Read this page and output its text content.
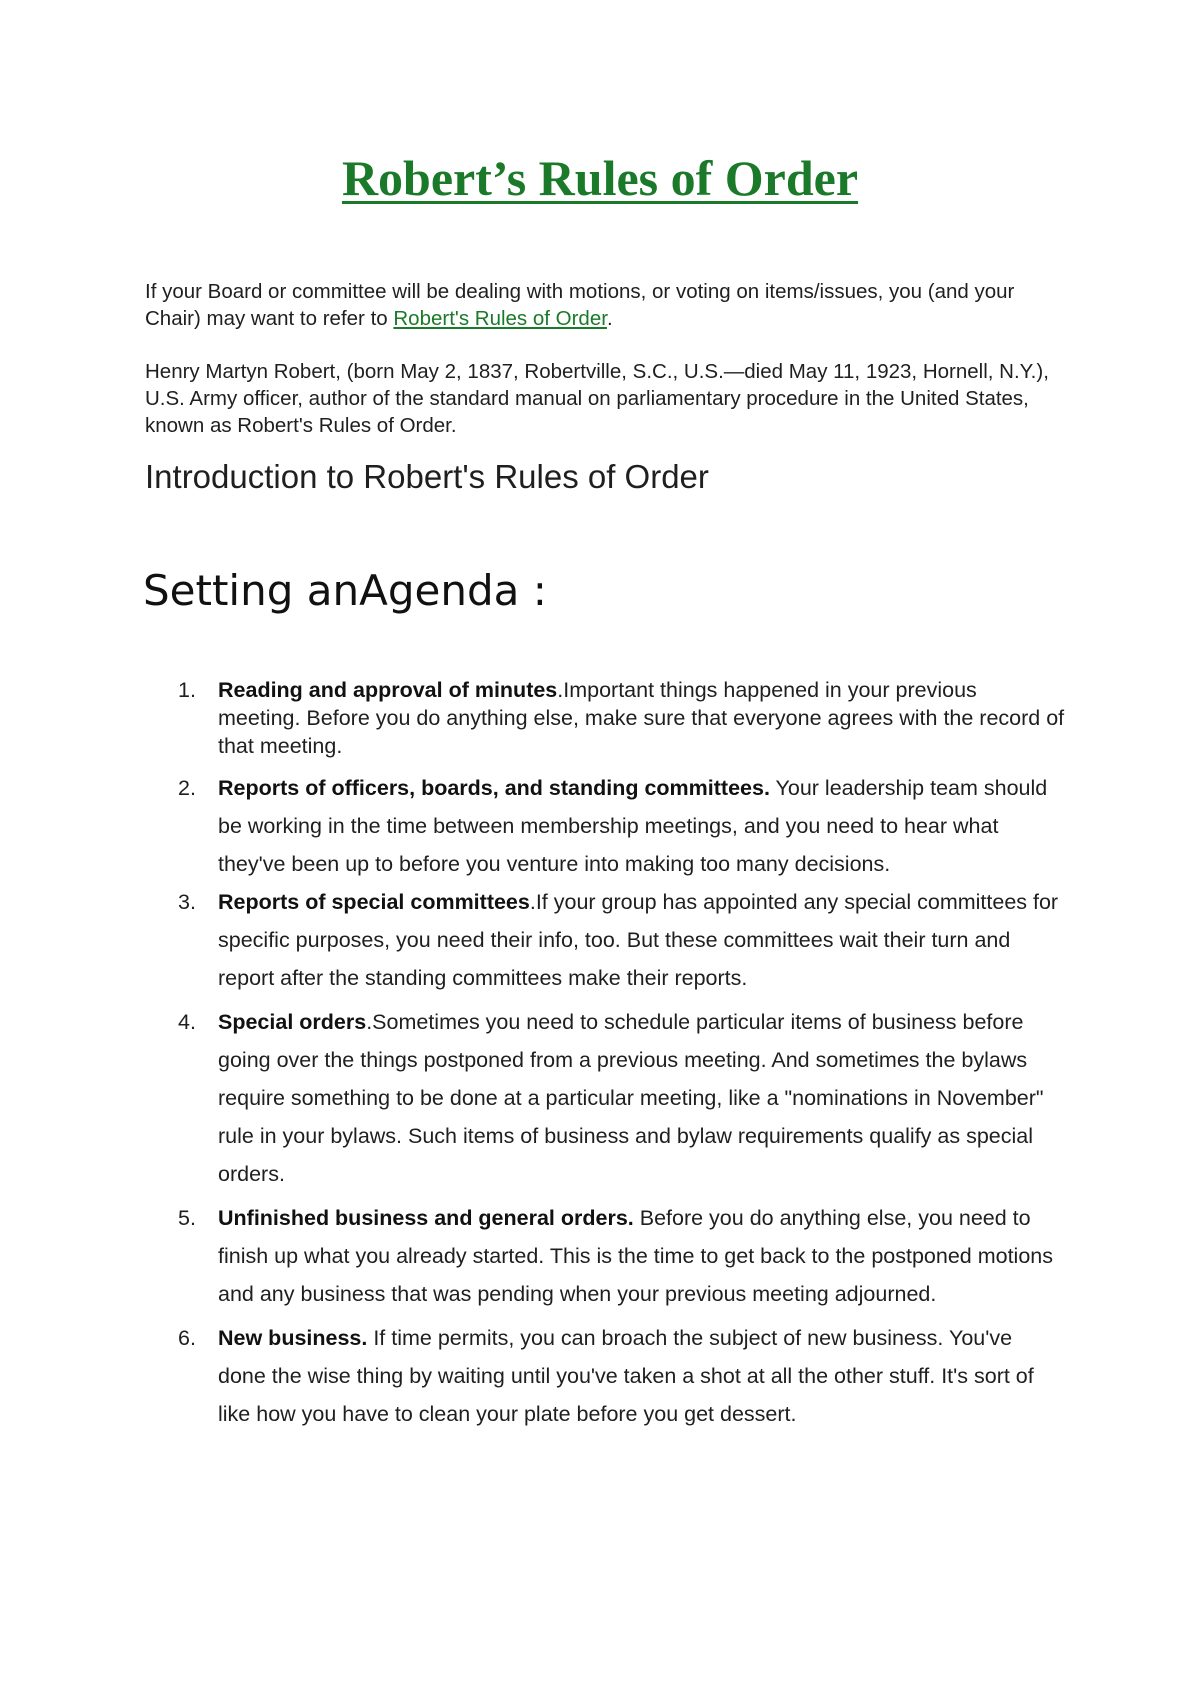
Robert’s Rules of Order

If your Board or committee will be dealing with motions, or voting on items/issues, you (and your Chair) may want to refer to Robert's Rules of Order.

Henry Martyn Robert, (born May 2, 1837, Robertville, S.C., U.S.—died May 11, 1923, Hornell, N.Y.), U.S. Army officer, author of the standard manual on parliamentary procedure in the United States, known as Robert's Rules of Order.

Introduction to Robert's Rules of Order
Setting anAgenda :
1. Reading and approval of minutes.Important things happened in your previous meeting. Before you do anything else, make sure that everyone agrees with the record of that meeting.
2. Reports of officers, boards, and standing committees. Your leadership team should be working in the time between membership meetings, and you need to hear what they've been up to before you venture into making too many decisions.
3. Reports of special committees.If your group has appointed any special committees for specific purposes, you need their info, too. But these committees wait their turn and report after the standing committees make their reports.
4. Special orders.Sometimes you need to schedule particular items of business before going over the things postponed from a previous meeting. And sometimes the bylaws require something to be done at a particular meeting, like a "nominations in November" rule in your bylaws. Such items of business and bylaw requirements qualify as special orders.
5. Unfinished business and general orders. Before you do anything else, you need to finish up what you already started. This is the time to get back to the postponed motions and any business that was pending when your previous meeting adjourned.
6. New business. If time permits, you can broach the subject of new business. You've done the wise thing by waiting until you've taken a shot at all the other stuff. It's sort of like how you have to clean your plate before you get dessert.
